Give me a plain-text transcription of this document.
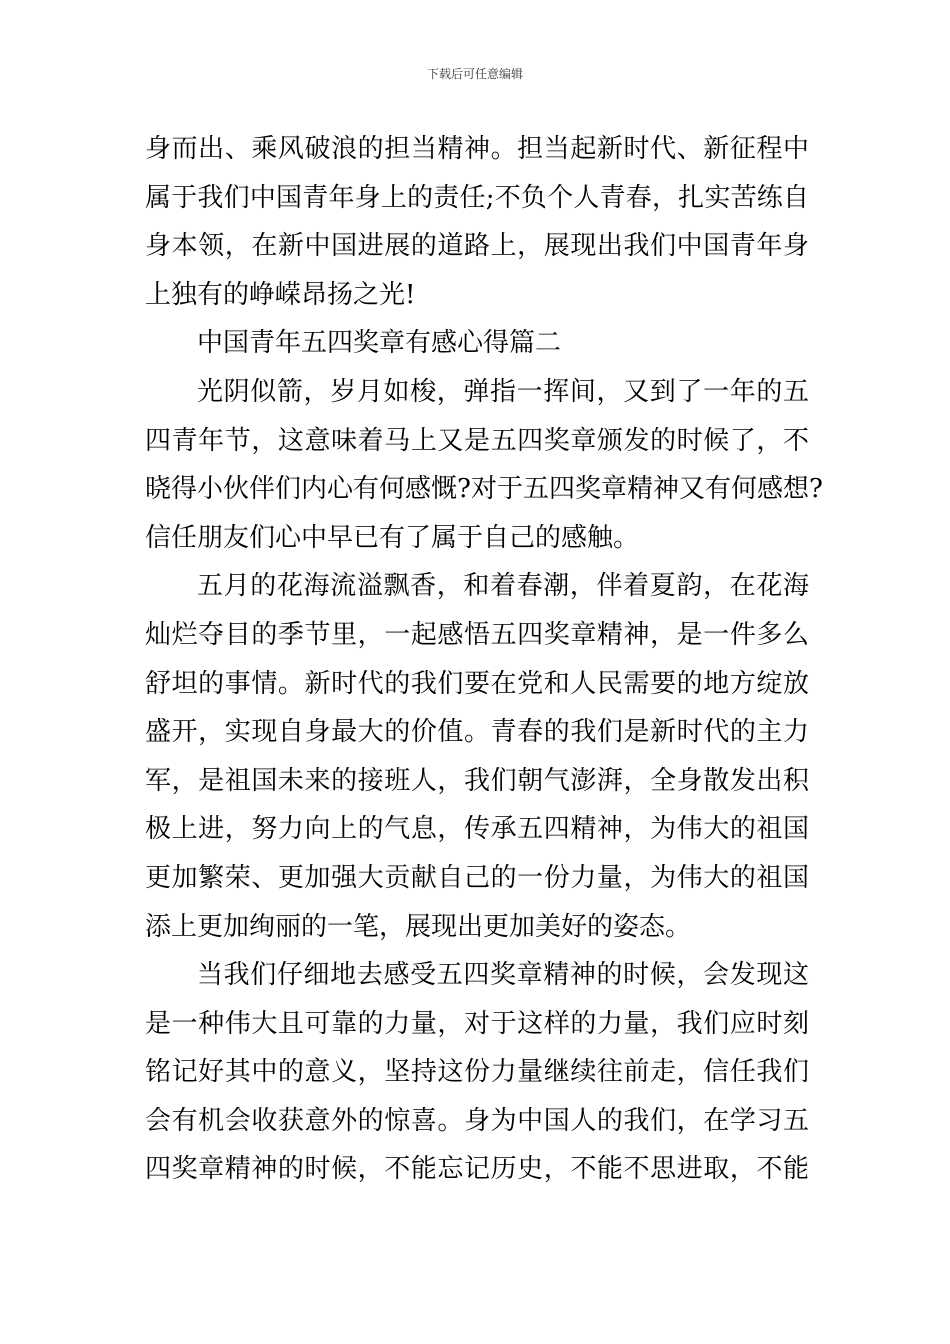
下载后可任意编辑
身而出、乘风破浪的担当精神。担当起新时代、新征程中
属于我们中国青年身上的责任;不负个人青春，扎实苦练自
身本领，在新中国进展的道路上，展现出我们中国青年身
上独有的峥嵘昂扬之光!
中国青年五四奖章有感心得篇二
光阴似箭，岁月如梭，弹指一挥间，又到了一年的五
四青年节，这意味着马上又是五四奖章颁发的时候了，不
晓得小伙伴们内心有何感慨?对于五四奖章精神又有何感想?
信任朋友们心中早已有了属于自己的感触。
五月的花海流溢飘香，和着春潮，伴着夏韵，在花海
灿烂夺目的季节里，一起感悟五四奖章精神，是一件多么
舒坦的事情。新时代的我们要在党和人民需要的地方绽放
盛开，实现自身最大的价值。青春的我们是新时代的主力
军，是祖国未来的接班人，我们朝气澎湃，全身散发出积
极上进，努力向上的气息，传承五四精神，为伟大的祖国
更加繁荣、更加强大贡献自己的一份力量，为伟大的祖国
添上更加绚丽的一笔，展现出更加美好的姿态。
当我们仔细地去感受五四奖章精神的时候，会发现这
是一种伟大且可靠的力量，对于这样的力量，我们应时刻
铭记好其中的意义，坚持这份力量继续往前走，信任我们
会有机会收获意外的惊喜。身为中国人的我们，在学习五
四奖章精神的时候，不能忘记历史，不能不思进取，不能
